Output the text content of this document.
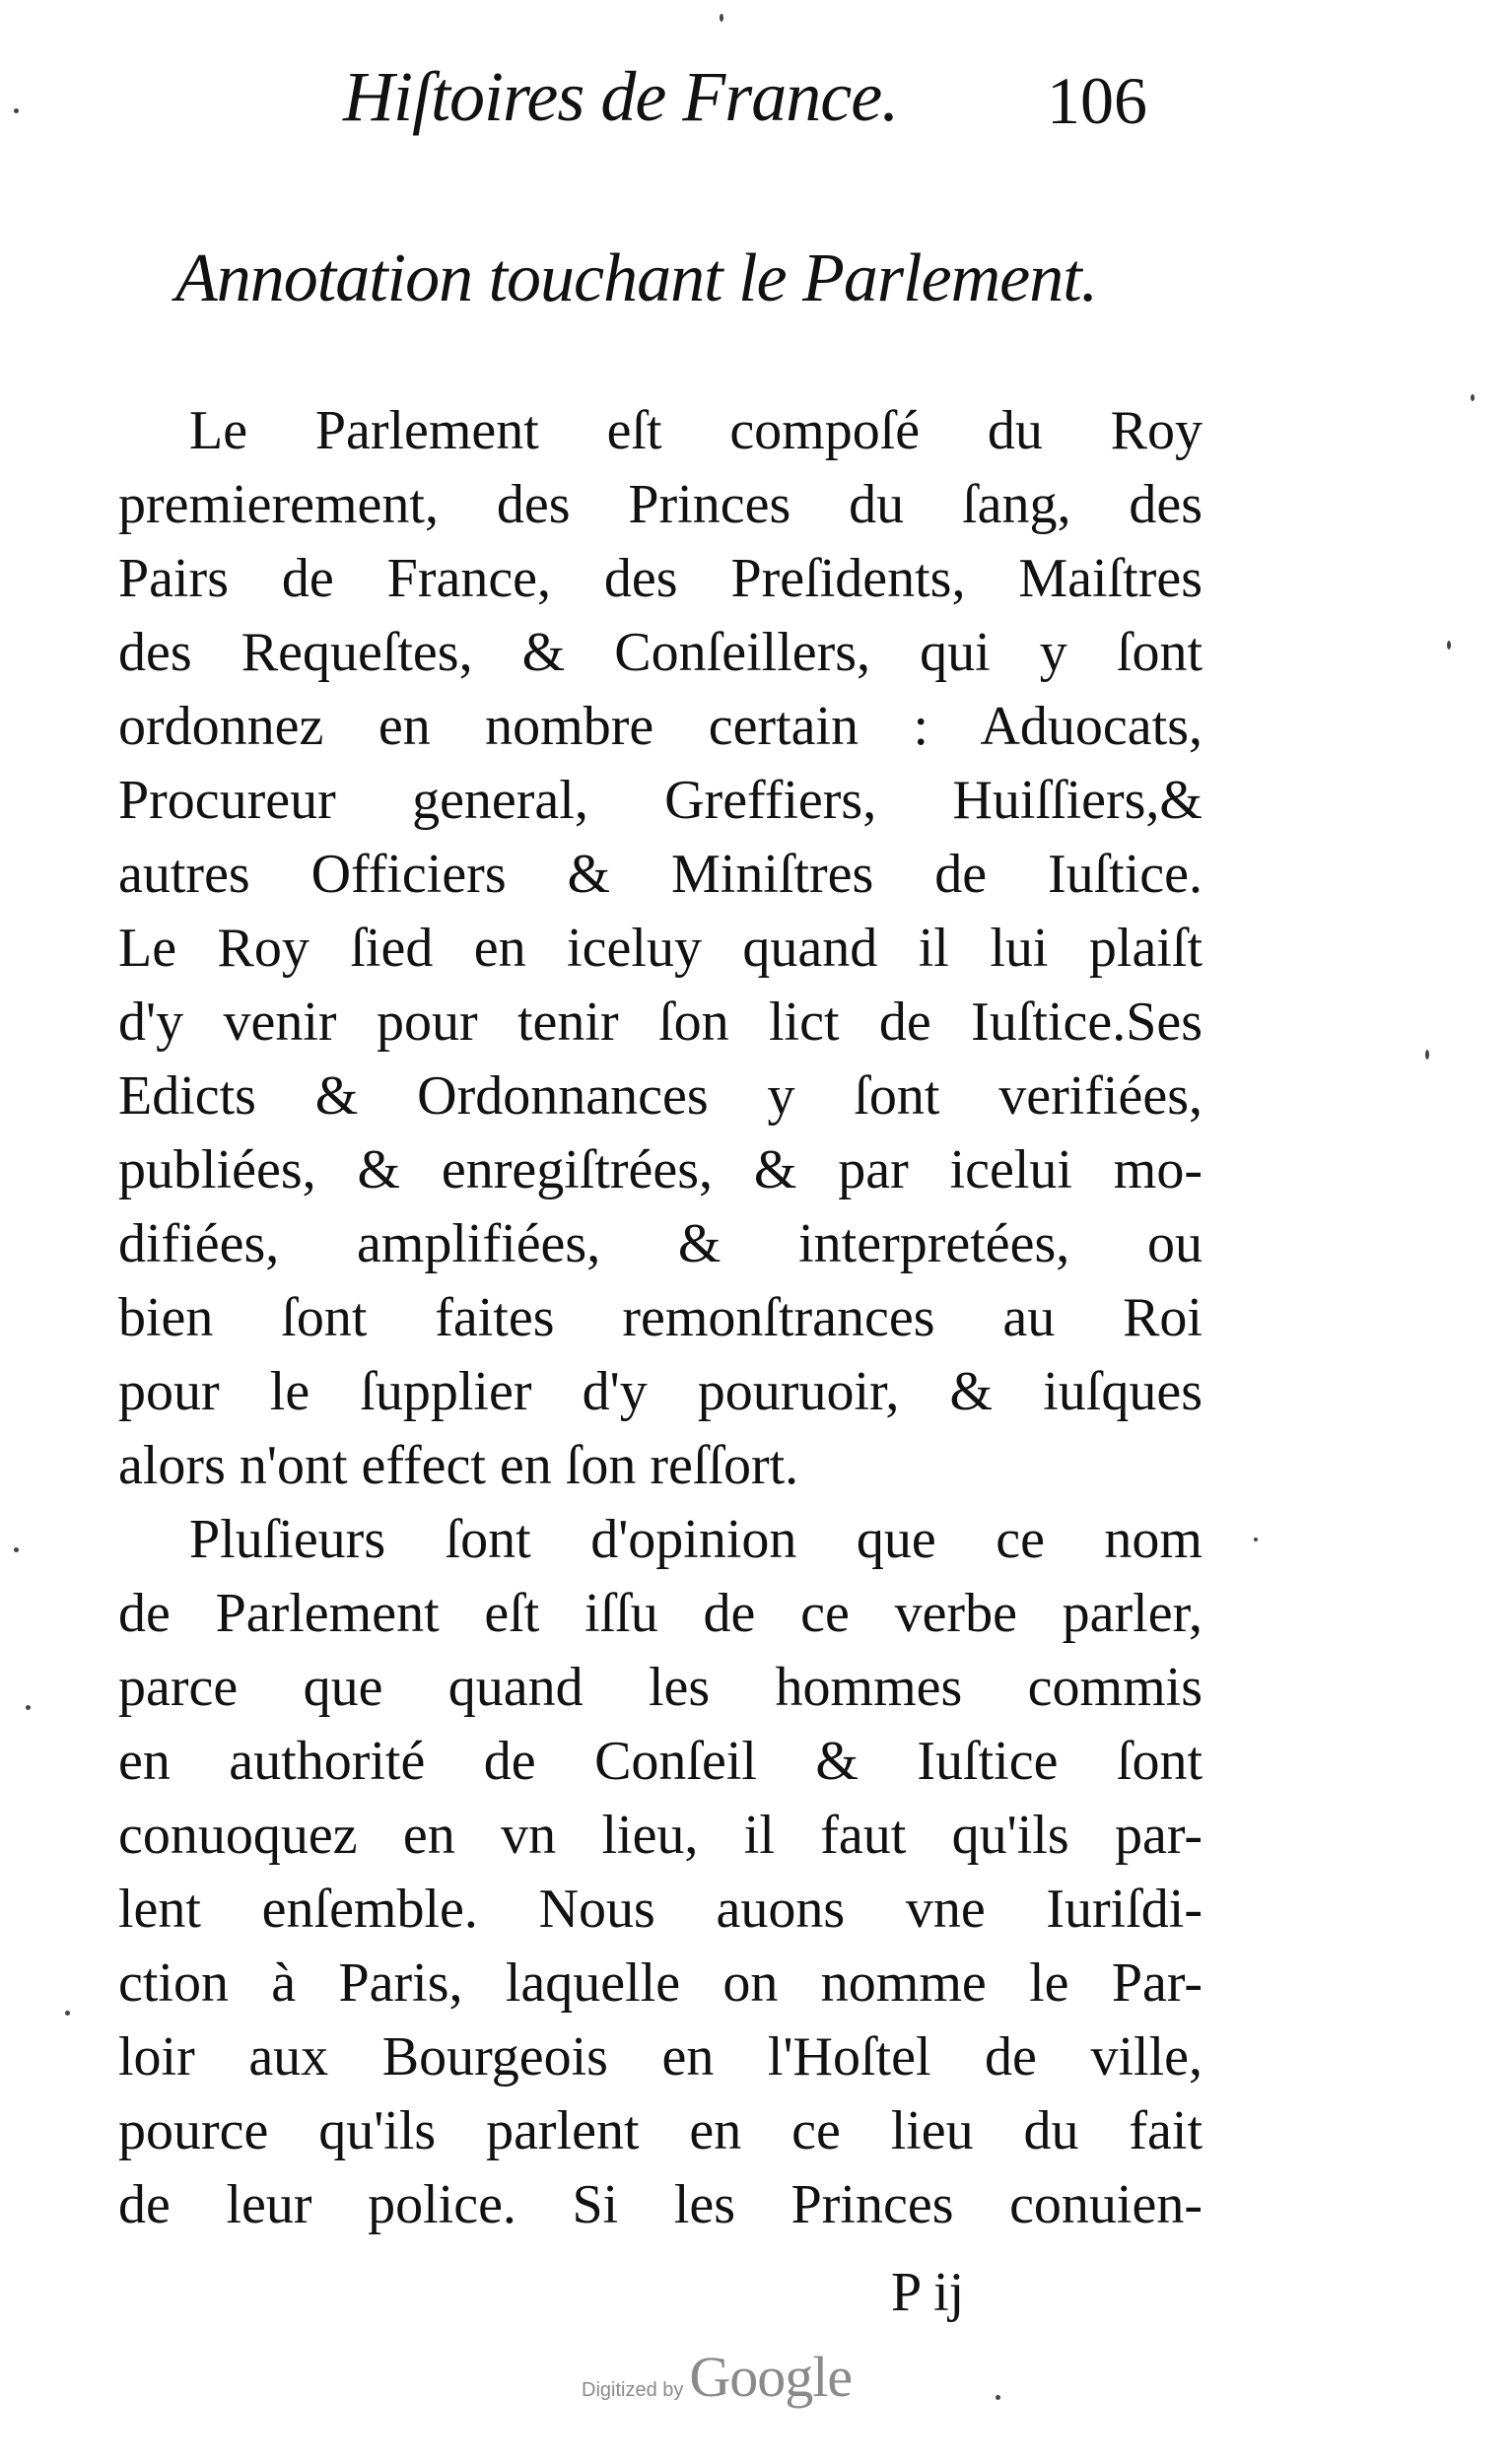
Hiſtoires de France. 106
Annotation touchant le Parlement.
Le Parlement eſt compoſé du Roy
premierement, des Princes du ſang, des
Pairs de France, des Preſidents, Maiſtres
des Requeſtes, & Conſeillers, qui y ſont
ordonnez en nombre certain : Aduocats,
Procureur general, Greffiers, Huiſſiers,&
autres Officiers & Miniſtres de Iuſtice.
Le Roy ſied en iceluy quand il lui plaiſt
d'y venir pour tenir ſon lict de Iuſtice.Ses
Edicts & Ordonnances y ſont verifiées,
publiées, & enregiſtrées, & par icelui mo-
difiées, amplifiées, & interpretées, ou
bien ſont faites remonſtrances au Roi
pour le ſupplier d'y pouruoir, & iuſques
alors n'ont effect en ſon reſſort.
Pluſieurs ſont d'opinion que ce nom
de Parlement eſt iſſu de ce verbe parler,
parce que quand les hommes commis
en authorité de Conſeil & Iuſtice ſont
conuoquez en vn lieu, il faut qu'ils par-
lent enſemble. Nous auons vne Iuriſdi-
ction à Paris, laquelle on nomme le Par-
loir aux Bourgeois en l'Hoſtel de ville,
pource qu'ils parlent en ce lieu du fait
de leur police. Si les Princes conuien-
P ij
Digitized by Google
